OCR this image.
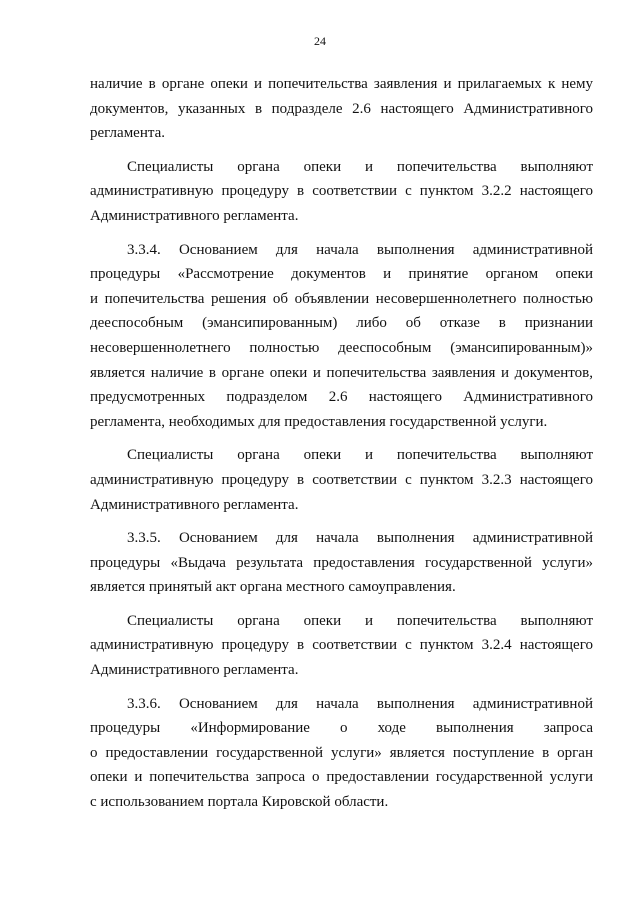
24
наличие в органе опеки и попечительства заявления и прилагаемых к нему
документов, указанных в подразделе 2.6 настоящего Административного
регламента.
Специалисты органа опеки и попечительства выполняют
административную процедуру в соответствии с пунктом 3.2.2 настоящего
Административного регламента.
3.3.4. Основанием для начала выполнения административной
процедуры «Рассмотрение документов и принятие органом опеки
и попечительства решения об объявлении несовершеннолетнего полностью
дееспособным (эмансипированным) либо об отказе в признании
несовершеннолетнего полностью дееспособным (эмансипированным)»
является наличие в органе опеки и попечительства заявления и документов,
предусмотренных подразделом 2.6 настоящего Административного
регламента, необходимых для предоставления государственной услуги.
Специалисты органа опеки и попечительства выполняют
административную процедуру в соответствии с пунктом 3.2.3 настоящего
Административного регламента.
3.3.5. Основанием для начала выполнения административной
процедуры «Выдача результата предоставления государственной услуги»
является принятый акт органа местного самоуправления.
Специалисты органа опеки и попечительства выполняют
административную процедуру в соответствии с пунктом 3.2.4 настоящего
Административного регламента.
3.3.6. Основанием для начала выполнения административной
процедуры «Информирование о ходе выполнения запроса
о предоставлении государственной услуги» является поступление в орган
опеки и попечительства запроса о предоставлении государственной услуги
с использованием портала Кировской области.
